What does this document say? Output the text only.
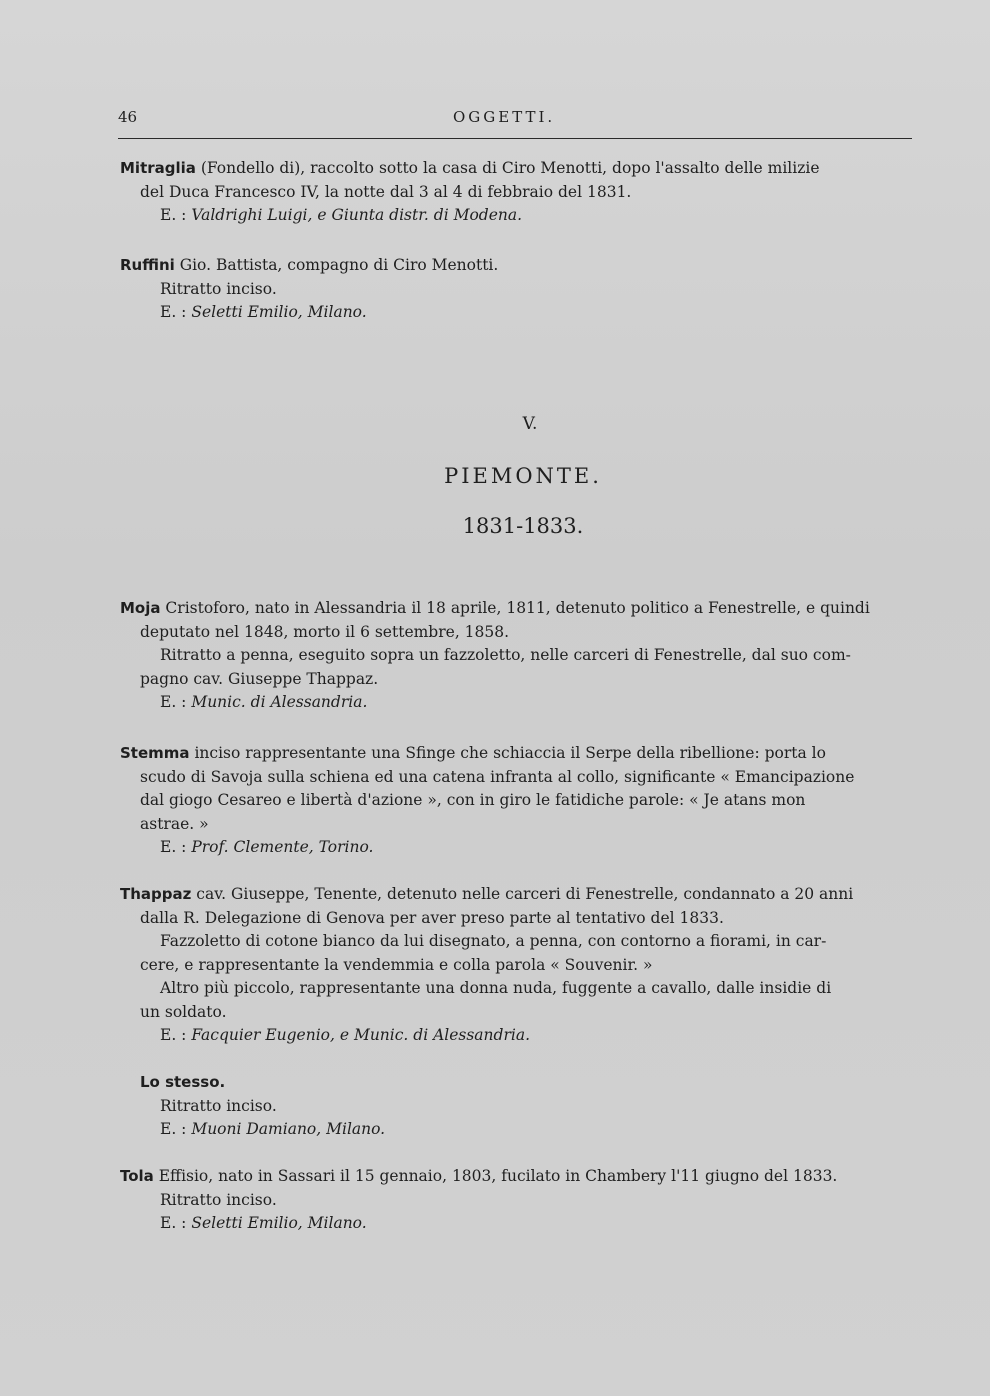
46	OGGETTI.
Mitraglia (Fondello di), raccolto sotto la casa di Ciro Menotti, dopo l'assalto delle milizie
del Duca Francesco IV, la notte dal 3 al 4 di febbraio del 1831.
E. : Valdrighi Luigi, e Giunta distr. di Modena.
Ruffini Gio. Battista, compagno di Ciro Menotti.
Ritratto inciso.
E. : Seletti Emilio, Milano.
V.
PIEMONTE.
1831-1833.
Moja Cristoforo, nato in Alessandria il 18 aprile, 1811, detenuto politico a Fenestrelle, e quindi
deputato nel 1848, morto il 6 settembre, 1858.
Ritratto a penna, eseguito sopra un fazzoletto, nelle carceri di Fenestrelle, dal suo com-
pagno cav. Giuseppe Thappaz.
E. : Munic. di Alessandria.
Stemma inciso rappresentante una Sfinge che schiaccia il Serpe della ribellione: porta lo
scudo di Savoja sulla schiena ed una catena infranta al collo, significante « Emancipazione
dal giogo Cesareo e libertà d'azione », con in giro le fatidiche parole: « Je atans mon
astrae. »
E. : Prof. Clemente, Torino.
Thappaz cav. Giuseppe, Tenente, detenuto nelle carceri di Fenestrelle, condannato a 20 anni
dalla R. Delegazione di Genova per aver preso parte al tentativo del 1833.
Fazzoletto di cotone bianco da lui disegnato, a penna, con contorno a fiorami, in car-
cere, e rappresentante la vendemmia e colla parola « Souvenir. »
Altro più piccolo, rappresentante una donna nuda, fuggente a cavallo, dalle insidie di
un soldato.
E. : Facquier Eugenio, e Munic. di Alessandria.
Lo stesso.
Ritratto inciso.
E. : Muoni Damiano, Milano.
Tola Effisio, nato in Sassari il 15 gennaio, 1803, fucilato in Chambery l'11 giugno del 1833.
Ritratto inciso.
E. : Seletti Emilio, Milano.
